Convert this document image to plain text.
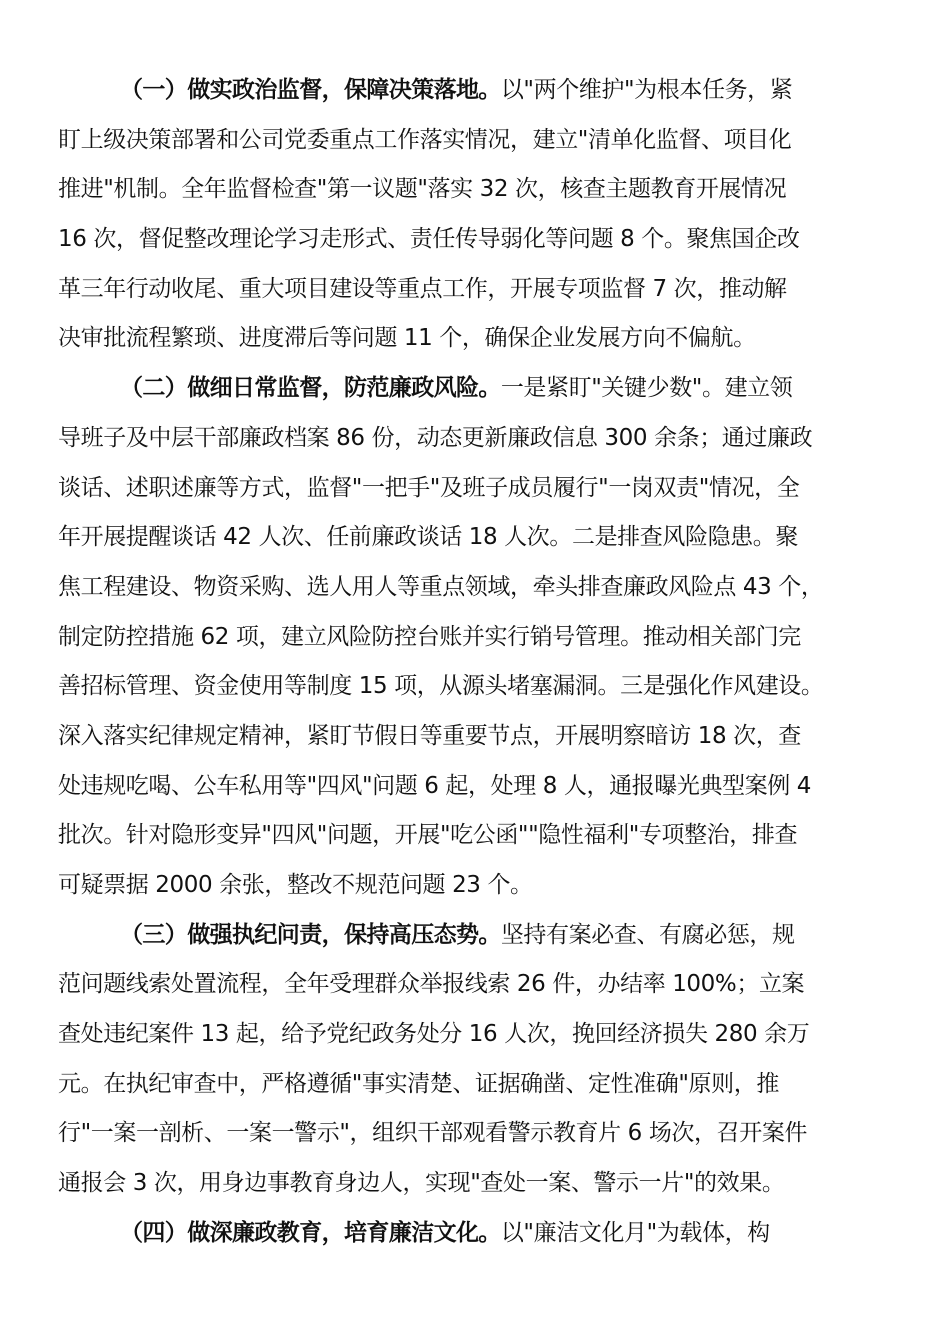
（一）做实政治监督，保障决策落地。以"两个维护"为根本任务，紧
盯上级决策部署和公司党委重点工作落实情况，建立"清单化监督、项目化
推进"机制。全年监督检查"第一议题"落实 32 次，核查主题教育开展情况
16 次，督促整改理论学习走形式、责任传导弱化等问题 8 个。聚焦国企改
革三年行动收尾、重大项目建设等重点工作，开展专项监督 7 次，推动解
决审批流程繁琐、进度滞后等问题 11 个，确保企业发展方向不偏航。
（二）做细日常监督，防范廉政风险。一是紧盯"关键少数"。建立领
导班子及中层干部廉政档案 86 份，动态更新廉政信息 300 余条；通过廉政
谈话、述职述廉等方式，监督"一把手"及班子成员履行"一岗双责"情况，全
年开展提醒谈话 42 人次、任前廉政谈话 18 人次。二是排查风险隐患。聚
焦工程建设、物资采购、选人用人等重点领域，牵头排查廉政风险点 43 个，
制定防控措施 62 项，建立风险防控台账并实行销号管理。推动相关部门完
善招标管理、资金使用等制度 15 项，从源头堵塞漏洞。三是强化作风建设。
深入落实纪律规定精神，紧盯节假日等重要节点，开展明察暗访 18 次，查
处违规吃喝、公车私用等"四风"问题 6 起，处理 8 人，通报曝光典型案例 4
批次。针对隐形变异"四风"问题，开展"吃公函""隐性福利"专项整治，排查
可疑票据 2000 余张，整改不规范问题 23 个。
（三）做强执纪问责，保持高压态势。坚持有案必查、有腐必惩，规
范问题线索处置流程，全年受理群众举报线索 26 件，办结率 100%；立案
查处违纪案件 13 起，给予党纪政务处分 16 人次，挽回经济损失 280 余万
元。在执纪审查中，严格遵循"事实清楚、证据确凿、定性准确"原则，推
行"一案一剖析、一案一警示"，组织干部观看警示教育片 6 场次，召开案件
通报会 3 次，用身边事教育身边人，实现"查处一案、警示一片"的效果。
（四）做深廉政教育，培育廉洁文化。以"廉洁文化月"为载体，构
